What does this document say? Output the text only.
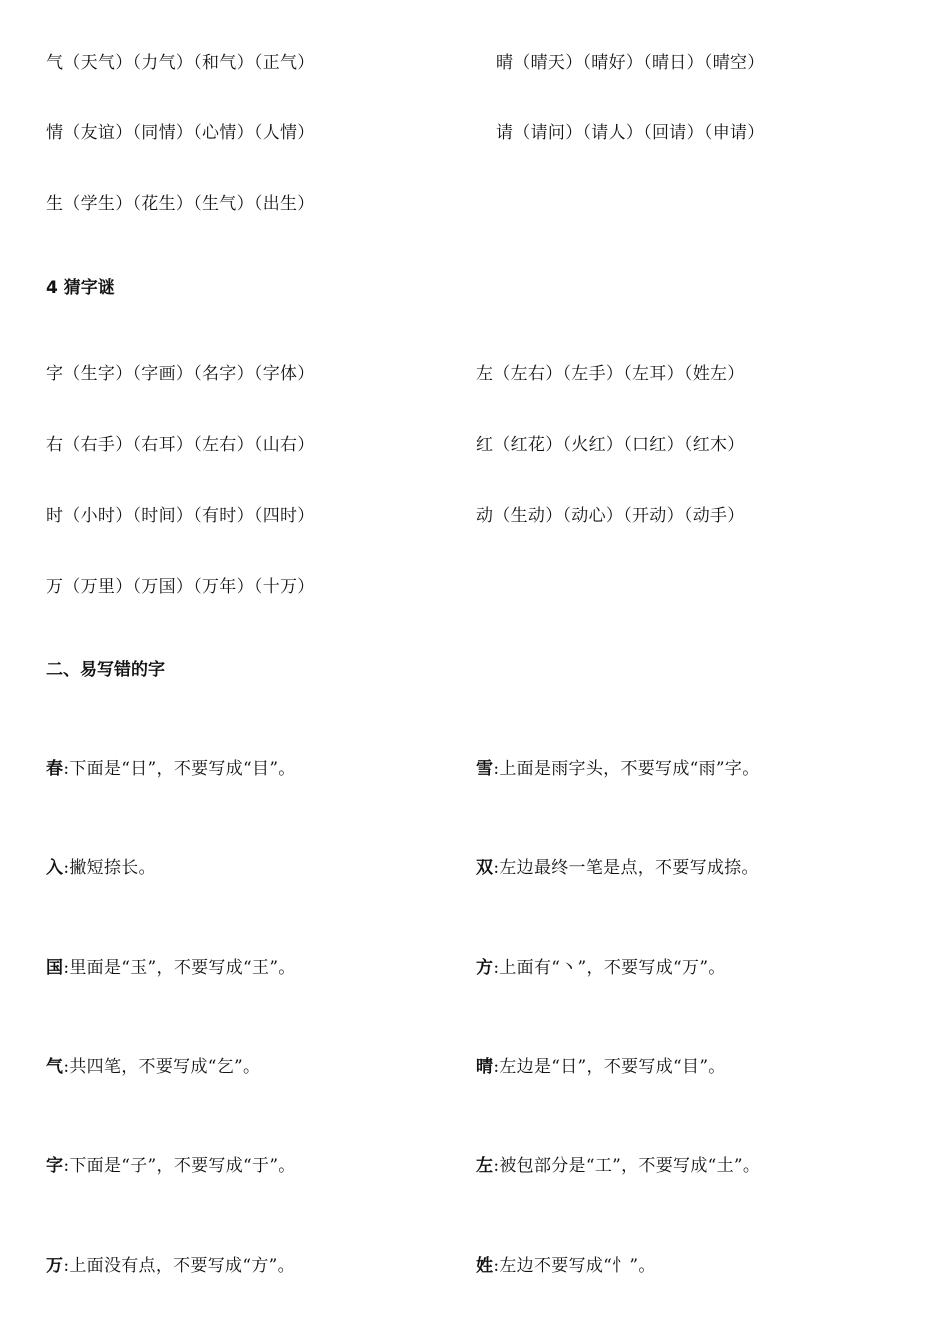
气（天气）（力气）（和气）（正气）	晴（晴天）（晴好）（晴日）（晴空）
情（友谊）（同情）（心情）（人情）	请（请问）（请人）（回请）（申请）
生（学生）（花生）（生气）（出生）
4 猜字谜
字（生字）（字画）（名字）（字体）	左（左右）（左手）（左耳）（姓左）
右（右手）（右耳）（左右）（山右）	红（红花）（火红）（口红）（红木）
时（小时）（时间）（有时）（四时）	动（生动）（动心）（开动）（动手）
万（万里）（万国）（万年）（十万）
二、易写错的字
春:下面是“日”，不要写成“目”。	雪:上面是雨字头，不要写成“雨”字。
入:撇短捺长。	双:左边最终一笔是点，不要写成捺。
国:里面是“玉”，不要写成“王”。	方:上面有“丶”，不要写成“万”。
气:共四笔，不要写成“乞”。	晴:左边是“日”，不要写成“目”。
字:下面是“子”，不要写成“于”。	左:被包部分是“工”，不要写成“土”。
万:上面没有点，不要写成“方”。	姓:左边不要写成“忄”。
